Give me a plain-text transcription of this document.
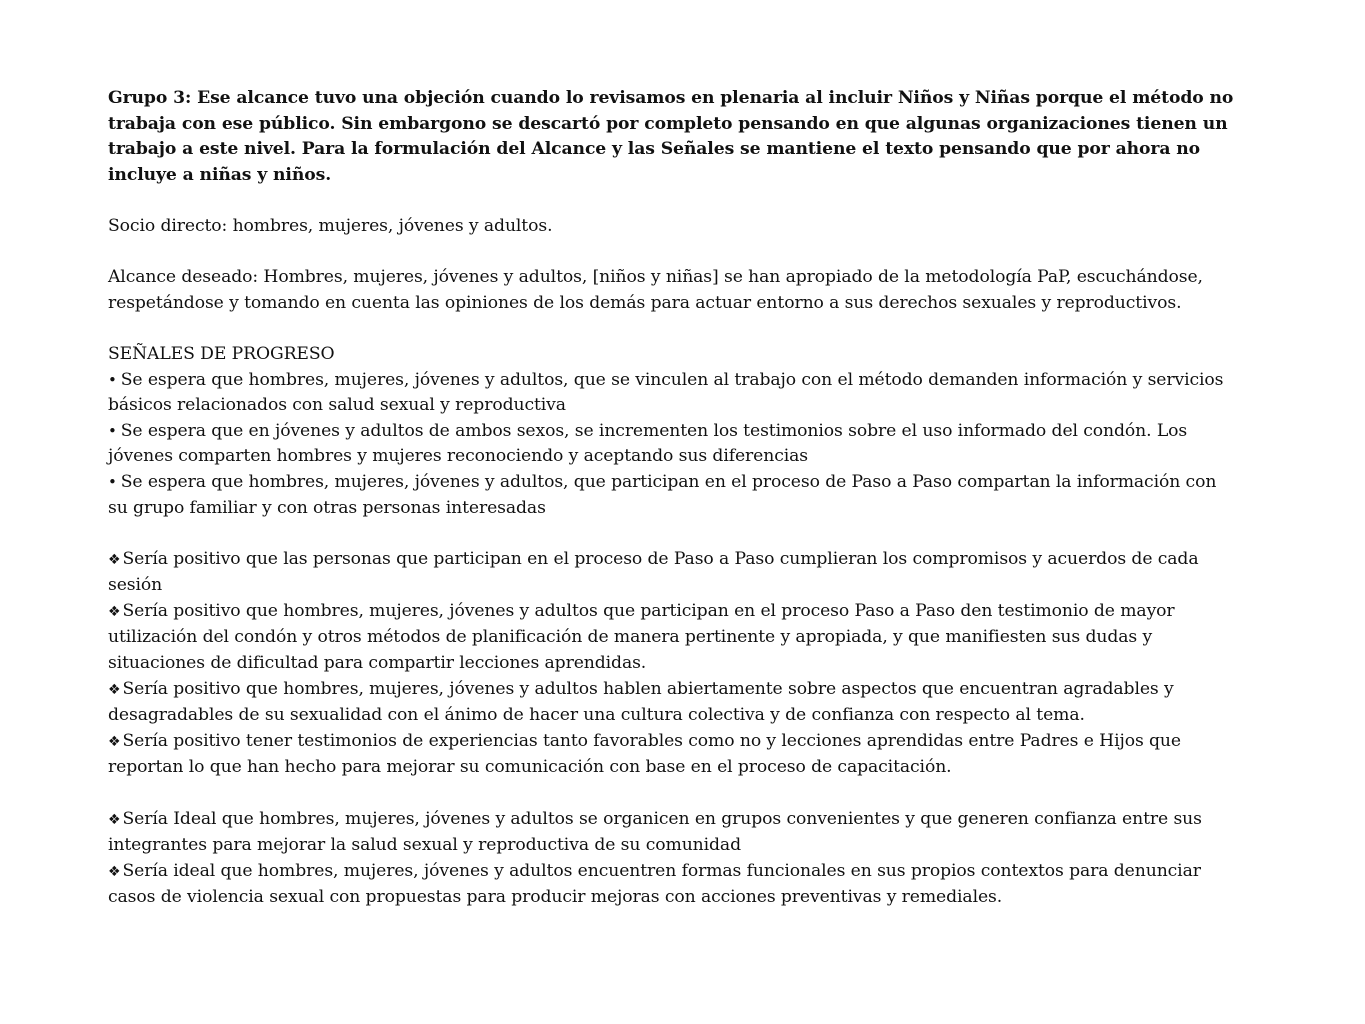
Grupo 3: Ese alcance tuvo una objeción cuando lo revisamos en plenaria al incluir Niños y Niñas porque el método no trabaja con ese público. Sin embargono se descartó por completo pensando en que algunas organizaciones tienen un trabajo a este nivel. Para la formulación del Alcance y las Señales se mantiene el texto pensando que por ahora no incluye a niñas y niños.

Socio directo: hombres, mujeres, jóvenes y adultos.

Alcance deseado: Hombres, mujeres, jóvenes y adultos, [niños y niñas] se han apropiado de la metodología PaP, escuchándose, respetándose y tomando en cuenta las opiniones de los demás para actuar entorno a sus derechos sexuales y reproductivos.

SEÑALES DE PROGRESO

• Se espera que hombres, mujeres, jóvenes y adultos, que se vinculen al trabajo con el método demanden información y servicios básicos relacionados con salud sexual y reproductiva

• Se espera que en jóvenes y adultos de ambos sexos, se incrementen los testimonios sobre el uso informado del condón. Los jóvenes comparten hombres y mujeres reconociendo y aceptando sus diferencias

• Se espera que hombres, mujeres, jóvenes y adultos, que participan en el proceso de Paso a Paso compartan la información con su grupo familiar y con otras personas interesadas

❖ Sería positivo que las personas que participan en el proceso de Paso a Paso cumplieran los compromisos y acuerdos de cada sesión

❖ Sería positivo que hombres, mujeres, jóvenes y adultos que participan en el proceso Paso a Paso den testimonio de mayor utilización del condón y otros métodos de planificación de manera pertinente y apropiada, y que manifiesten sus dudas y situaciones de dificultad para compartir lecciones aprendidas.

❖ Sería positivo que hombres, mujeres, jóvenes y adultos hablen abiertamente sobre aspectos que encuentran agradables y desagradables de su sexualidad con el ánimo de hacer una cultura colectiva y de confianza con respecto al tema.

❖ Sería positivo tener testimonios de experiencias tanto favorables como no y lecciones aprendidas entre Padres e Hijos que reportan lo que han hecho para mejorar su comunicación con base en el proceso de capacitación.

❖ Sería Ideal que hombres, mujeres, jóvenes y adultos se organicen en grupos convenientes y que generen confianza entre sus integrantes para mejorar la salud sexual y reproductiva de su comunidad

❖ Sería ideal que hombres, mujeres, jóvenes y adultos encuentren formas funcionales en sus propios contextos para denunciar casos de violencia sexual con propuestas para producir mejoras con acciones preventivas y remediales.
